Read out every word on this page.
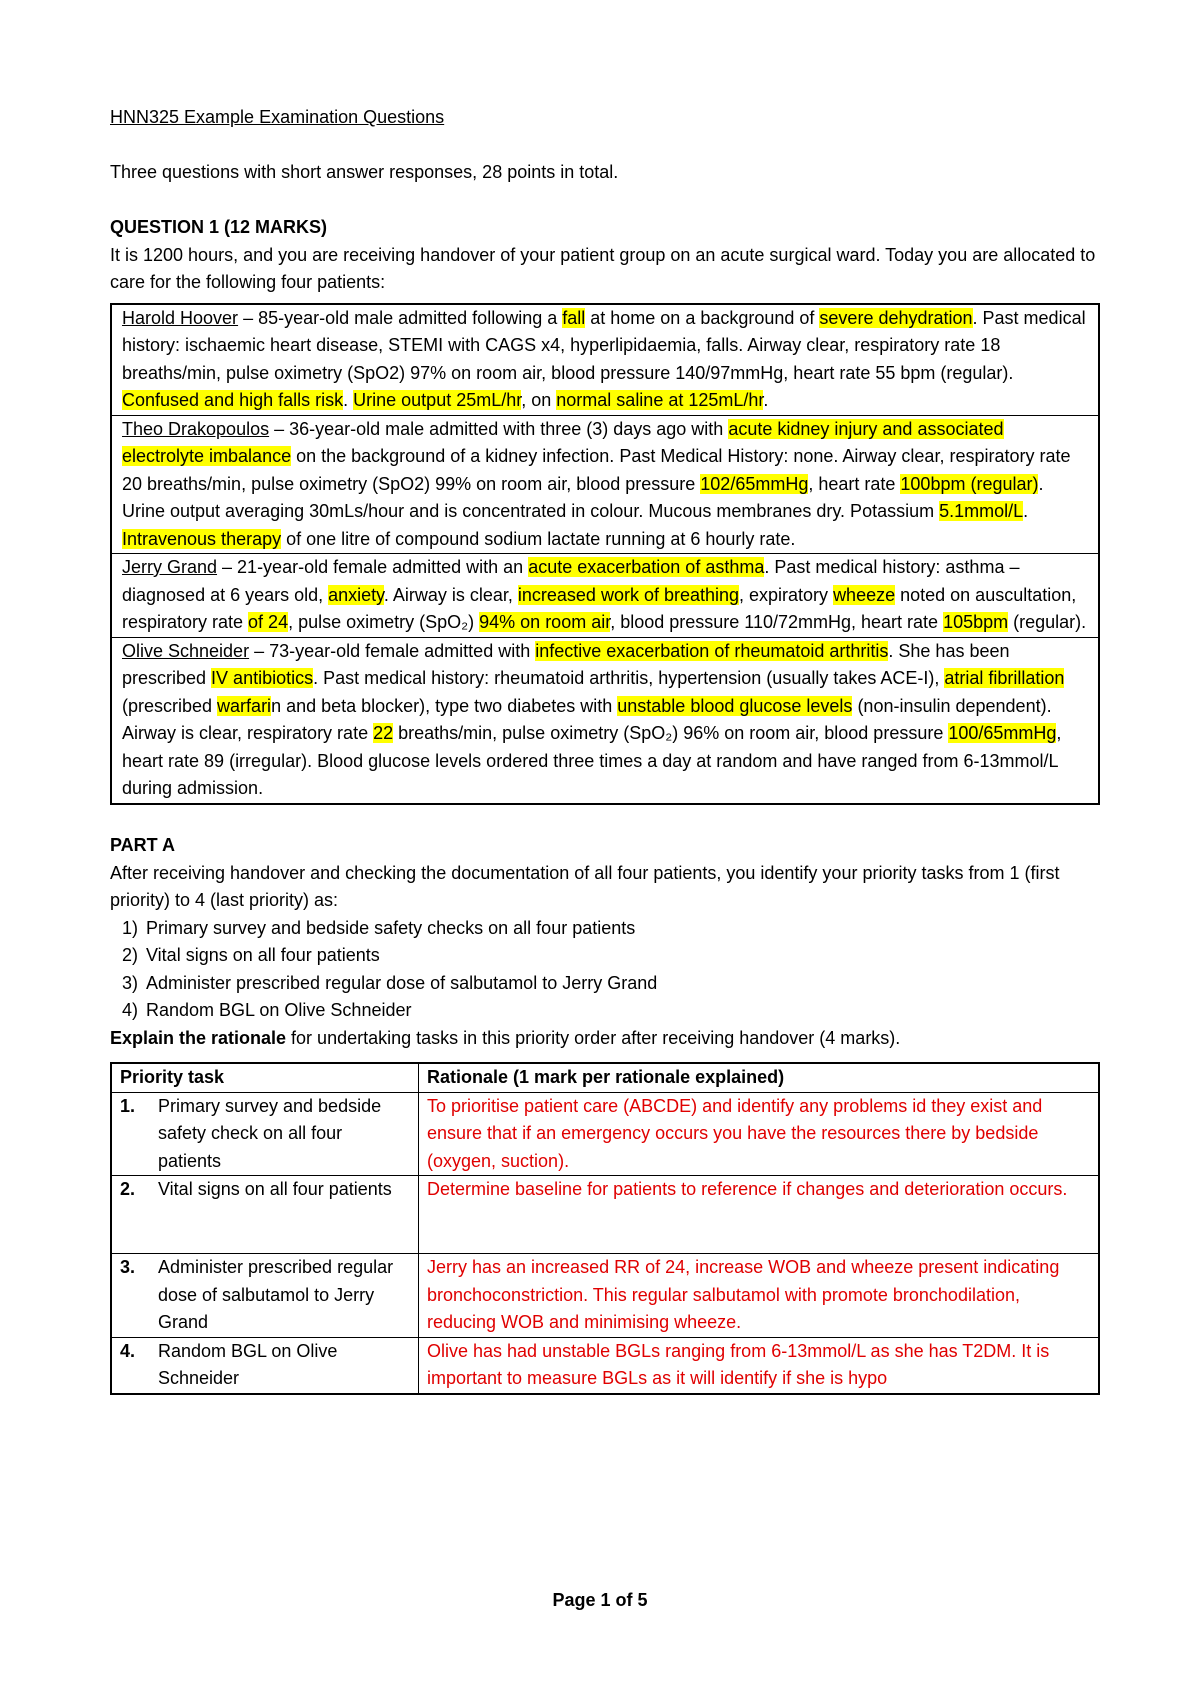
HNN325 Example Examination Questions

Three questions with short answer responses, 28 points in total.

QUESTION 1 (12 MARKS)

It is 1200 hours, and you are receiving handover of your patient group on an acute surgical ward. Today you are allocated to care for the following four patients:

Harold Hoover – 85-year-old male admitted following a fall at home on a background of severe dehydration. Past medical history: ischaemic heart disease, STEMI with CAGS x4, hyperlipidaemia, falls. Airway clear, respiratory rate 18 breaths/min, pulse oximetry (SpO2) 97% on room air, blood pressure 140/97mmHg, heart rate 55 bpm (regular). Confused and high falls risk. Urine output 25mL/hr, on normal saline at 125mL/hr.
Theo Drakopoulos – 36-year-old male admitted with three (3) days ago with acute kidney injury and associated electrolyte imbalance on the background of a kidney infection. Past Medical History: none. Airway clear, respiratory rate 20 breaths/min, pulse oximetry (SpO2) 99% on room air, blood pressure 102/65mmHg, heart rate 100bpm (regular). Urine output averaging 30mLs/hour and is concentrated in colour. Mucous membranes dry. Potassium 5.1mmol/L. Intravenous therapy of one litre of compound sodium lactate running at 6 hourly rate.
Jerry Grand – 21-year-old female admitted with an acute exacerbation of asthma. Past medical history: asthma – diagnosed at 6 years old, anxiety. Airway is clear, increased work of breathing, expiratory wheeze noted on auscultation, respiratory rate of 24, pulse oximetry (SpO₂) 94% on room air, blood pressure 110/72mmHg, heart rate 105bpm (regular).
Olive Schneider – 73-year-old female admitted with infective exacerbation of rheumatoid arthritis. She has been prescribed IV antibiotics. Past medical history: rheumatoid arthritis, hypertension (usually takes ACE-I), atrial fibrillation (prescribed warfarin and beta blocker), type two diabetes with unstable blood glucose levels (non-insulin dependent). Airway is clear, respiratory rate 22 breaths/min, pulse oximetry (SpO₂) 96% on room air, blood pressure 100/65mmHg, heart rate 89 (irregular). Blood glucose levels ordered three times a day at random and have ranged from 6-13mmol/L during admission.

PART A

After receiving handover and checking the documentation of all four patients, you identify your priority tasks from 1 (first priority) to 4 (last priority) as:

1) Primary survey and bedside safety checks on all four patients
2) Vital signs on all four patients
3) Administer prescribed regular dose of salbutamol to Jerry Grand
4) Random BGL on Olive Schneider

Explain the rationale for undertaking tasks in this priority order after receiving handover (4 marks).

Priority task	Rationale (1 mark per rationale explained)
1. Primary survey and bedside safety check on all four patients	To prioritise patient care (ABCDE) and identify any problems id they exist and ensure that if an emergency occurs you have the resources there by bedside (oxygen, suction).
2. Vital signs on all four patients	Determine baseline for patients to reference if changes and deterioration occurs.
3. Administer prescribed regular dose of salbutamol to Jerry Grand	Jerry has an increased RR of 24, increase WOB and wheeze present indicating bronchoconstriction. This regular salbutamol with promote bronchodilation, reducing WOB and minimising wheeze.
4. Random BGL on Olive Schneider	Olive has had unstable BGLs ranging from 6-13mmol/L as she has T2DM. It is important to measure BGLs as it will identify if she is hypo
Page 1 of 5
